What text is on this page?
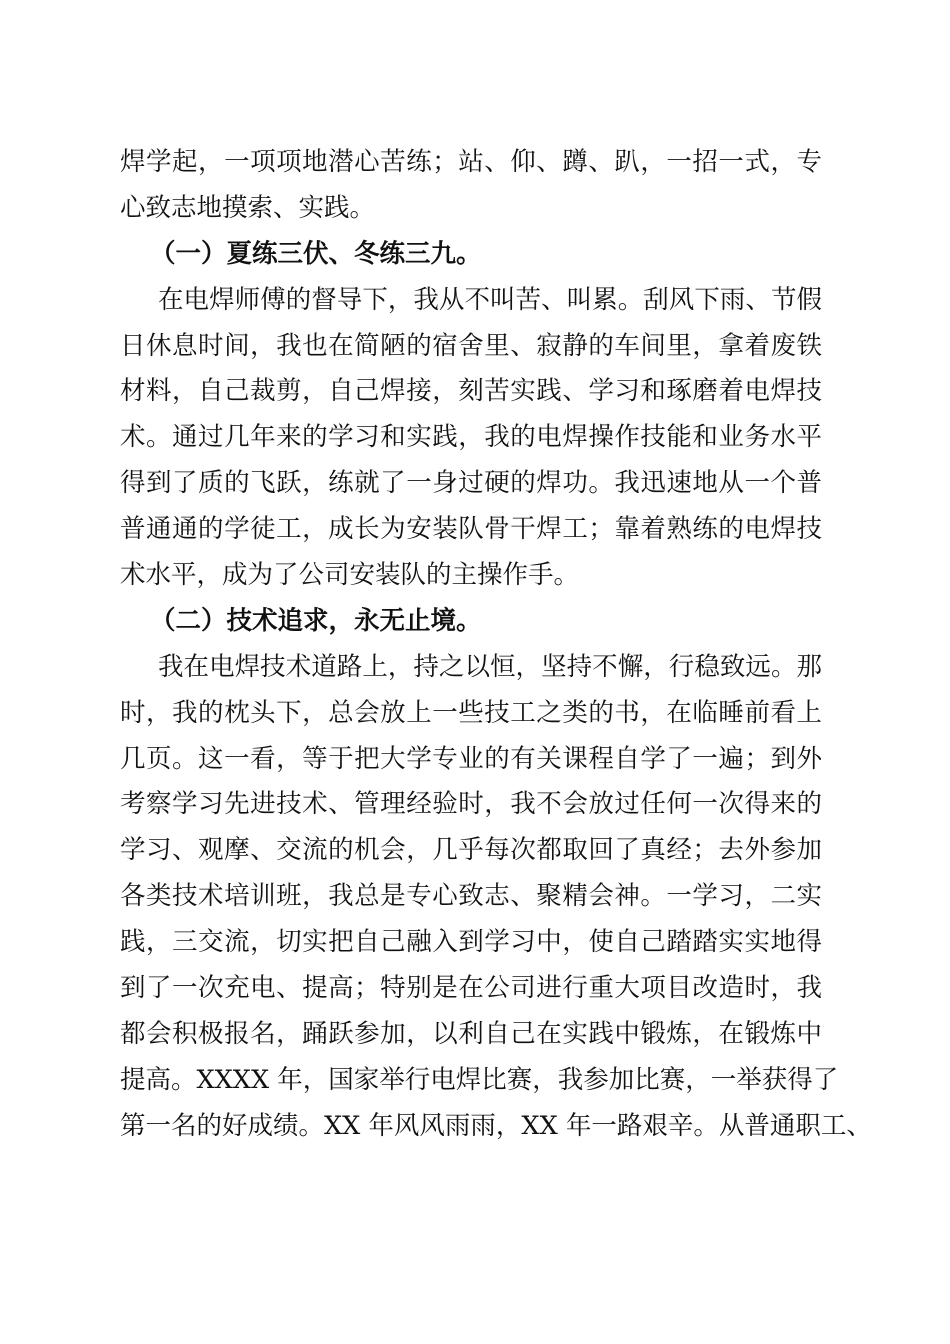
焊学起，一项项地潜心苦练；站、仰、蹲、趴，一招一式，专
心致志地摸索、实践。
（一）夏练三伏、冬练三九。
在电焊师傅的督导下，我从不叫苦、叫累。刮风下雨、节假
日休息时间，我也在简陋的宿舍里、寂静的车间里，拿着废铁
材料，自己裁剪，自己焊接，刻苦实践、学习和琢磨着电焊技
术。通过几年来的学习和实践，我的电焊操作技能和业务水平
得到了质的飞跃，练就了一身过硬的焊功。我迅速地从一个普
普通通的学徒工，成长为安装队骨干焊工；靠着熟练的电焊技
术水平，成为了公司安装队的主操作手。
（二）技术追求，永无止境。
我在电焊技术道路上，持之以恒，坚持不懈，行稳致远。那
时，我的枕头下，总会放上一些技工之类的书，在临睡前看上
几页。这一看，等于把大学专业的有关课程自学了一遍；到外
考察学习先进技术、管理经验时，我不会放过任何一次得来的
学习、观摩、交流的机会，几乎每次都取回了真经；去外参加
各类技术培训班，我总是专心致志、聚精会神。一学习，二实
践，三交流，切实把自己融入到学习中，使自己踏踏实实地得
到了一次充电、提高；特别是在公司进行重大项目改造时，我
都会积极报名，踊跃参加，以利自己在实践中锻炼，在锻炼中
提高。XXXX 年，国家举行电焊比赛，我参加比赛，一举获得了
第一名的好成绩。XX 年风风雨雨，XX 年一路艰辛。从普通职工、
